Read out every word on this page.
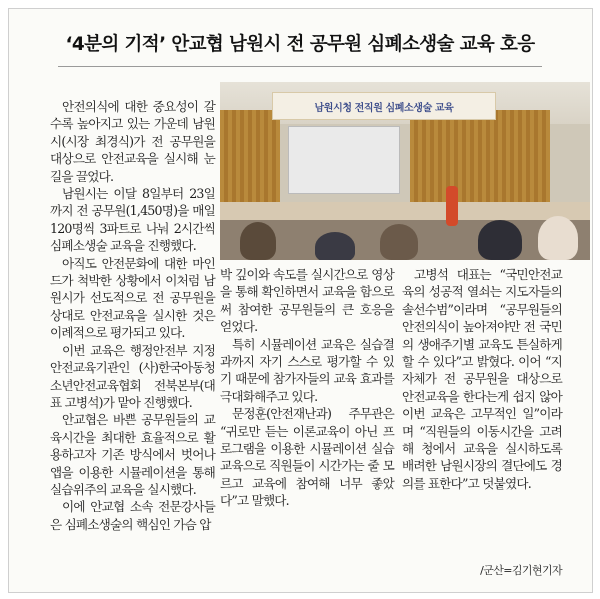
‘4분의 기적’ 안교협 남원시 전 공무원 심폐소생술 교육 호응
남원시청 전직원 심폐소생술 교육

안전의식에 대한 중요성이 갈수록 높아지고 있는 가운데 남원시(시장 최경식)가 전 공무원을 대상으로 안전교육을 실시해 눈길을 끌었다.

남원시는 이달 8일부터 23일까지 전 공무원(1,450명)을 매일 120명씩 3파트로 나눠 2시간씩 심폐소생술 교육을 진행했다.

아직도 안전문화에 대한 마인드가 척박한 상황에서 이처럼 남원시가 선도적으로 전 공무원을 상대로 안전교육을 실시한 것은 이례적으로 평가되고 있다.

이번 교육은 행정안전부 지정 안전교육기관인 (사)한국아동청소년안전교육협회 전북본부(대표 고병석)가 맡아 진행했다.

안교협은 바쁜 공무원들의 교육시간을 최대한 효율적으로 활용하고자 기존 방식에서 벗어나 앱을 이용한 시뮬레이션을 통해 실습위주의 교육을 실시했다.

이에 안교협 소속 전문강사들은 심폐소생술의 핵심인 가슴 압

박 깊이와 속도를 실시간으로 영상을 통해 확인하면서 교육을 함으로써 참여한 공무원들의 큰 호응을 얻었다.

특히 시뮬레이션 교육은 실습결과까지 자기 스스로 평가할 수 있기 때문에 참가자들의 교육 효과를 극대화해주고 있다.

문정훈(안전재난과) 주무관은 “귀로만 듣는 이론교육이 아닌 프로그램을 이용한 시뮬레이션 실습교육으로 직원들이 시간가는 줄 모르고 교육에 참여해 너무 좋았다”고 말했다.

고병석 대표는 “국민안전교육의 성공적 열쇠는 지도자들의 솔선수범”이라며 “공무원들의 안전의식이 높아져야만 전 국민의 생애주기별 교육도 튼실하게 할 수 있다”고 밝혔다. 이어 “지자체가 전 공무원을 대상으로 안전교육을 한다는게 쉽지 않아 이번 교육은 고무적인 일”이라며 “직원들의 이동시간을 고려해 청에서 교육을 실시하도록 배려한 남원시장의 결단에도 경의를 표한다”고 덧붙였다.

/군산=김기현기자
